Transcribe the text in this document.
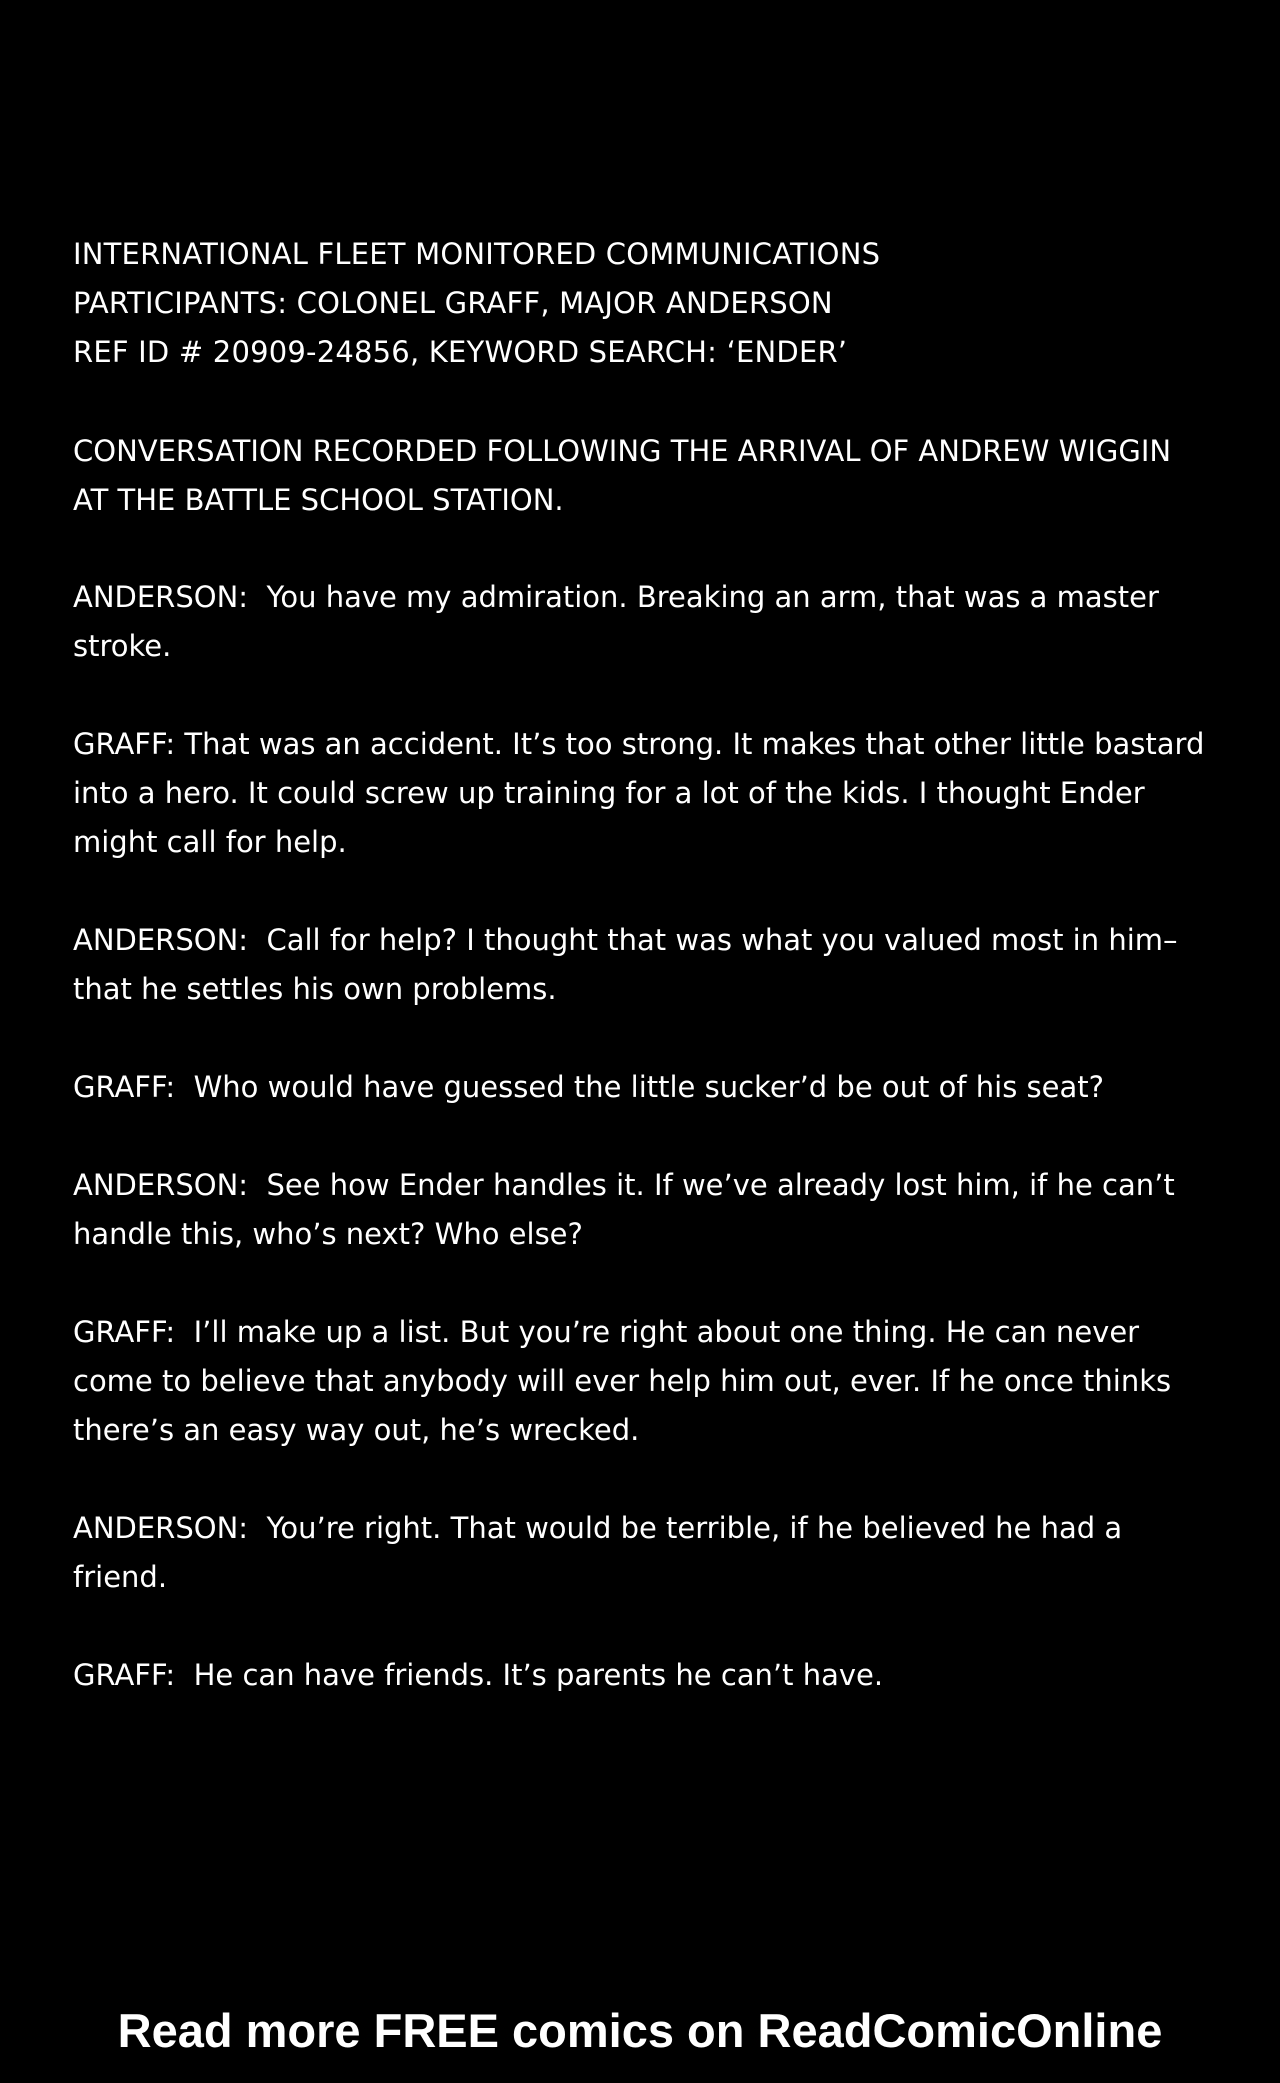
INTERNATIONAL FLEET MONITORED COMMUNICATIONS
PARTICIPANTS: COLONEL GRAFF, MAJOR ANDERSON
REF ID # 20909-24856, KEYWORD SEARCH: ‘ENDER’

CONVERSATION RECORDED FOLLOWING THE ARRIVAL OF ANDREW WIGGIN AT THE BATTLE SCHOOL STATION.

ANDERSON: You have my admiration. Breaking an arm, that was a master stroke.

GRAFF: That was an accident. It’s too strong. It makes that other little bastard into a hero. It could screw up training for a lot of the kids. I thought Ender might call for help.

ANDERSON: Call for help? I thought that was what you valued most in him–that he settles his own problems.

GRAFF: Who would have guessed the little sucker’d be out of his seat?

ANDERSON: See how Ender handles it. If we’ve already lost him, if he can’t handle this, who’s next? Who else?

GRAFF: I’ll make up a list. But you’re right about one thing. He can never come to believe that anybody will ever help him out, ever. If he once thinks there’s an easy way out, he’s wrecked.

ANDERSON: You’re right. That would be terrible, if he believed he had a friend.

GRAFF: He can have friends. It’s parents he can’t have.

Read more FREE comics on ReadComicOnline
